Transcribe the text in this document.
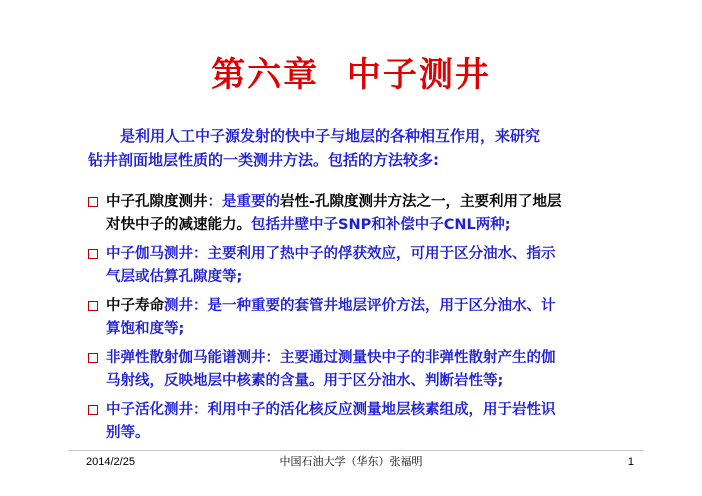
第六章  中子测井
是利用人工中子源发射的快中子与地层的各种相互作用，来研究
钻井剖面地层性质的一类测井方法。包括的方法较多:
中子孔隙度测井：是重要的岩性-孔隙度测井方法之一，主要利用了地层
对快中子的减速能力。包括井壁中子SNP和补偿中子CNL两种;
中子伽马测井：主要利用了热中子的俘获效应，可用于区分油水、指示
气层或估算孔隙度等;
中子寿命测井：是一种重要的套管井地层评价方法，用于区分油水、计
算饱和度等;
非弹性散射伽马能谱测井：主要通过测量快中子的非弹性散射产生的伽
马射线，反映地层中核素的含量。用于区分油水、判断岩性等;
中子活化测井：利用中子的活化核反应测量地层核素组成，用于岩性识
别等。
2014/2/25	中国石油大学（华东）张福明	1
